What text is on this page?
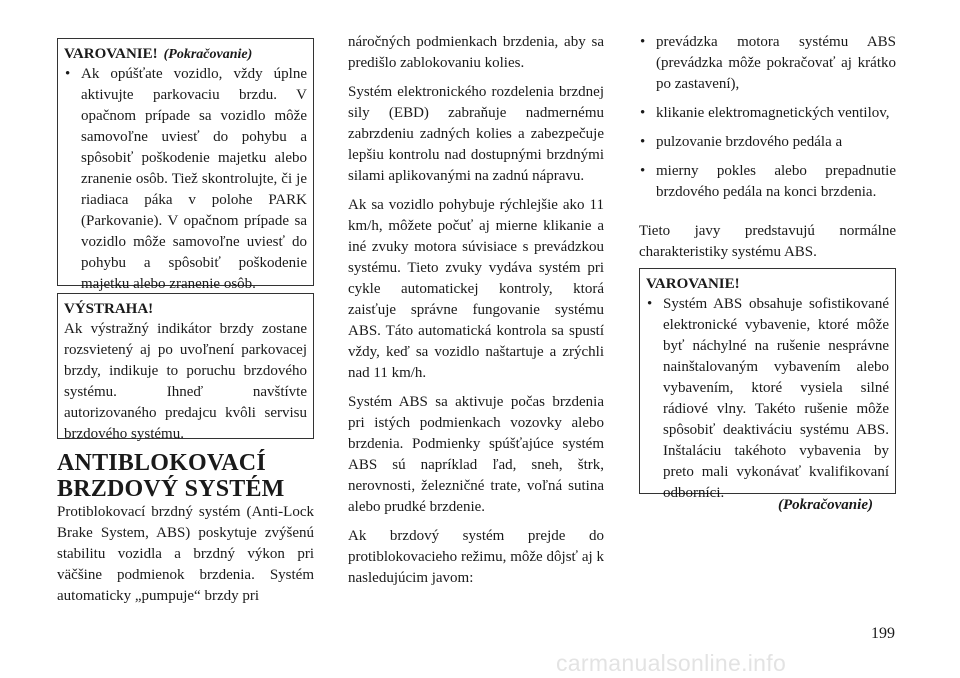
VAROVANIE! (Pokračovanie)

• Ak opúšťate vozidlo, vždy úplne aktivujte parkovaciu brzdu. V opačnom prípade sa vozidlo môže samovoľne uviesť do pohybu a spôsobiť poškodenie majetku alebo zranenie osôb. Tiež skontrolujte, či je riadiaca páka v polohe PARK (Parkovanie). V opačnom prípade sa vozidlo môže samovoľne uviesť do pohybu a spôsobiť poškodenie majetku alebo zranenie osôb.

VÝSTRAHA!

Ak výstražný indikátor brzdy zostane rozsvietený aj po uvoľnení parkovacej brzdy, indikuje to poruchu brzdového systému. Ihneď navštívte autorizovaného predajcu kvôli servisu brzdového systému.

ANTIBLOKOVACÍ
BRZDOVÝ SYSTÉM

Protiblokovací brzdný systém (Anti-Lock Brake System, ABS) poskytuje zvýšenú stabilitu vozidla a brzdný výkon pri väčšine podmienok brzdenia. Systém automaticky „pumpuje“ brzdy pri

náročných podmienkach brzdenia, aby sa predišlo zablokovaniu kolies.

Systém elektronického rozdelenia brzdnej sily (EBD) zabraňuje nadmernému zabrzdeniu zadných kolies a zabezpečuje lepšiu kontrolu nad dostupnými brzdnými silami aplikovanými na zadnú nápravu.

Ak sa vozidlo pohybuje rýchlejšie ako 11 km/h, môžete počuť aj mierne klikanie a iné zvuky motora súvisiace s prevádzkou systému. Tieto zvuky vydáva systém pri cykle automatickej kontroly, ktorá zaisťuje správne fungovanie systému ABS. Táto automatická kontrola sa spustí vždy, keď sa vozidlo naštartuje a zrýchli nad 11 km/h.

Systém ABS sa aktivuje počas brzdenia pri istých podmienkach vozovky alebo brzdenia. Podmienky spúšťajúce systém ABS sú napríklad ľad, sneh, štrk, nerovnosti, železničné trate, voľná sutina alebo prudké brzdenie.

Ak brzdový systém prejde do protiblokovacieho režimu, môže dôjsť aj k nasledujúcim javom:

• prevádzka motora systému ABS (prevádzka môže pokračovať aj krátko po zastavení),

• klikanie elektromagnetických ventilov,

• pulzovanie brzdového pedála a

• mierny pokles alebo prepadnutie brzdového pedála na konci brzdenia.

Tieto javy predstavujú normálne charakteristiky systému ABS.

VAROVANIE!

• Systém ABS obsahuje sofistikované elektronické vybavenie, ktoré môže byť náchylné na rušenie nesprávne nainštalovaným vybavením alebo vybavením, ktoré vysiela silné rádiové vlny. Takéto rušenie môže spôsobiť deaktiváciu systému ABS. Inštaláciu takéhoto vybavenia by preto mali vykonávať kvalifikovaní odborníci.

(Pokračovanie)
199
carmanualsonline.info
